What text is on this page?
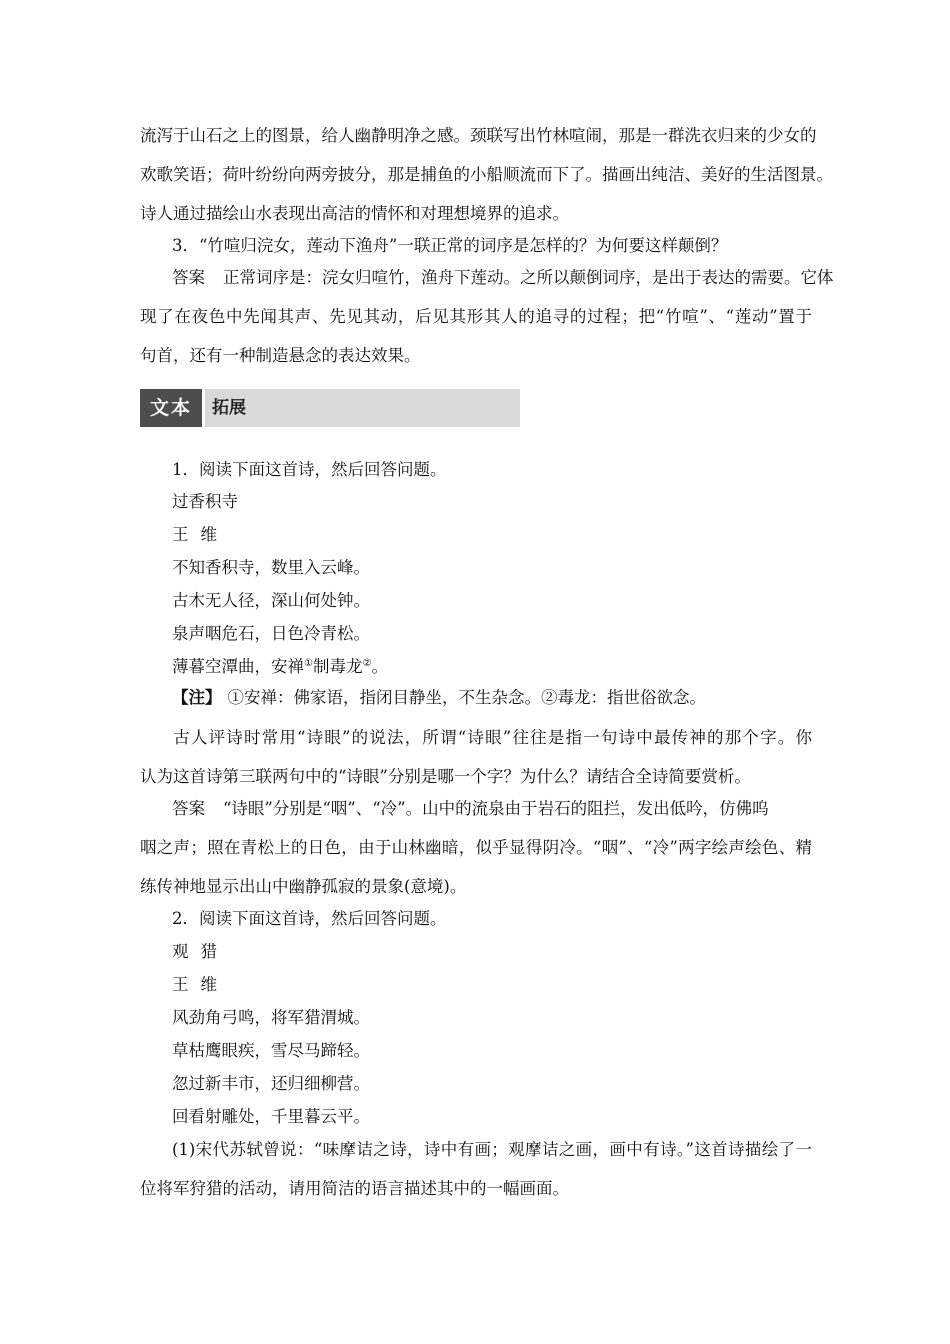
流泻于山石之上的图景，给人幽静明净之感。颈联写出竹林喧闹，那是一群洗衣归来的少女的
欢歌笑语；荷叶纷纷向两旁披分，那是捕鱼的小船顺流而下了。描画出纯洁、美好的生活图景。
诗人通过描绘山水表现出高洁的情怀和对理想境界的追求。
3．“竹喧归浣女，莲动下渔舟”一联正常的词序是怎样的？为何要这样颠倒？
答案 正常词序是：浣女归喧竹，渔舟下莲动。之所以颠倒词序，是出于表达的需要。它体
现了在夜色中先闻其声、先见其动，后见其形其人的追寻的过程；把“竹喧”、“莲动”置于
句首，还有一种制造悬念的表达效果。
文本	拓展
1．阅读下面这首诗，然后回答问题。
过香积寺
王 维
不知香积寺，数里入云峰。
古木无人径，深山何处钟。
泉声咽危石，日色冷青松。
薄暮空潭曲，安禅①制毒龙②。
【注】 ①安禅：佛家语，指闭目静坐，不生杂念。②毒龙：指世俗欲念。
古人评诗时常用“诗眼”的说法，所谓“诗眼”往往是指一句诗中最传神的那个字。你
认为这首诗第三联两句中的“诗眼”分别是哪一个字？为什么？请结合全诗简要赏析。
答案 “诗眼”分别是“咽”、“冷”。山中的流泉由于岩石的阻拦，发出低吟，仿佛呜
咽之声；照在青松上的日色，由于山林幽暗，似乎显得阴冷。“咽”、“冷”两字绘声绘色、精
练传神地显示出山中幽静孤寂的景象(意境)。
2．阅读下面这首诗，然后回答问题。
观 猎
王 维
风劲角弓鸣，将军猎渭城。
草枯鹰眼疾，雪尽马蹄轻。
忽过新丰市，还归细柳营。
回看射雕处，千里暮云平。
(1)宋代苏轼曾说：“味摩诘之诗，诗中有画；观摩诘之画，画中有诗。”这首诗描绘了一
位将军狩猎的活动，请用简洁的语言描述其中的一幅画面。
